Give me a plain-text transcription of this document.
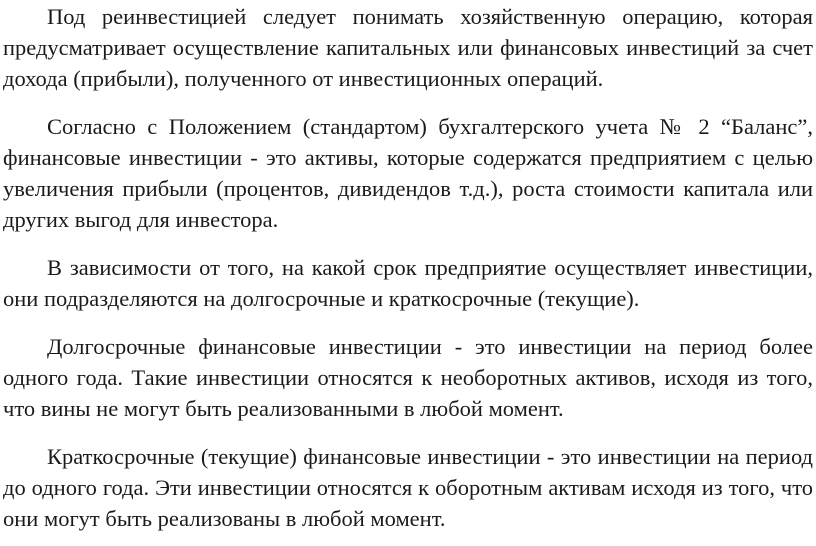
Под реинвестицией следует понимать хозяйственную операцию, которая предусматривает осуществление капитальных или финансовых инвестиций за счет дохода (прибыли), полученного от инвестиционных операций.

Согласно с Положением (стандартом) бухгалтерского учета № 2 “Баланс”, финансовые инвестиции - это активы, которые содержатся предприятием с целью увеличения прибыли (процентов, дивидендов т.д.), роста стоимости капитала или других выгод для инвестора.

В зависимости от того, на какой срок предприятие осуществляет инвестиции, они подразделяются на долгосрочные и краткосрочные (текущие).

Долгосрочные финансовые инвестиции - это инвестиции на период более одного года. Такие инвестиции относятся к необоротных активов, исходя из того, что вины не могут быть реализованными в любой момент.

Краткосрочные (текущие) финансовые инвестиции - это инвестиции на период до одного года. Эти инвестиции относятся к оборотным активам исходя из того, что они могут быть реализованы в любой момент.
